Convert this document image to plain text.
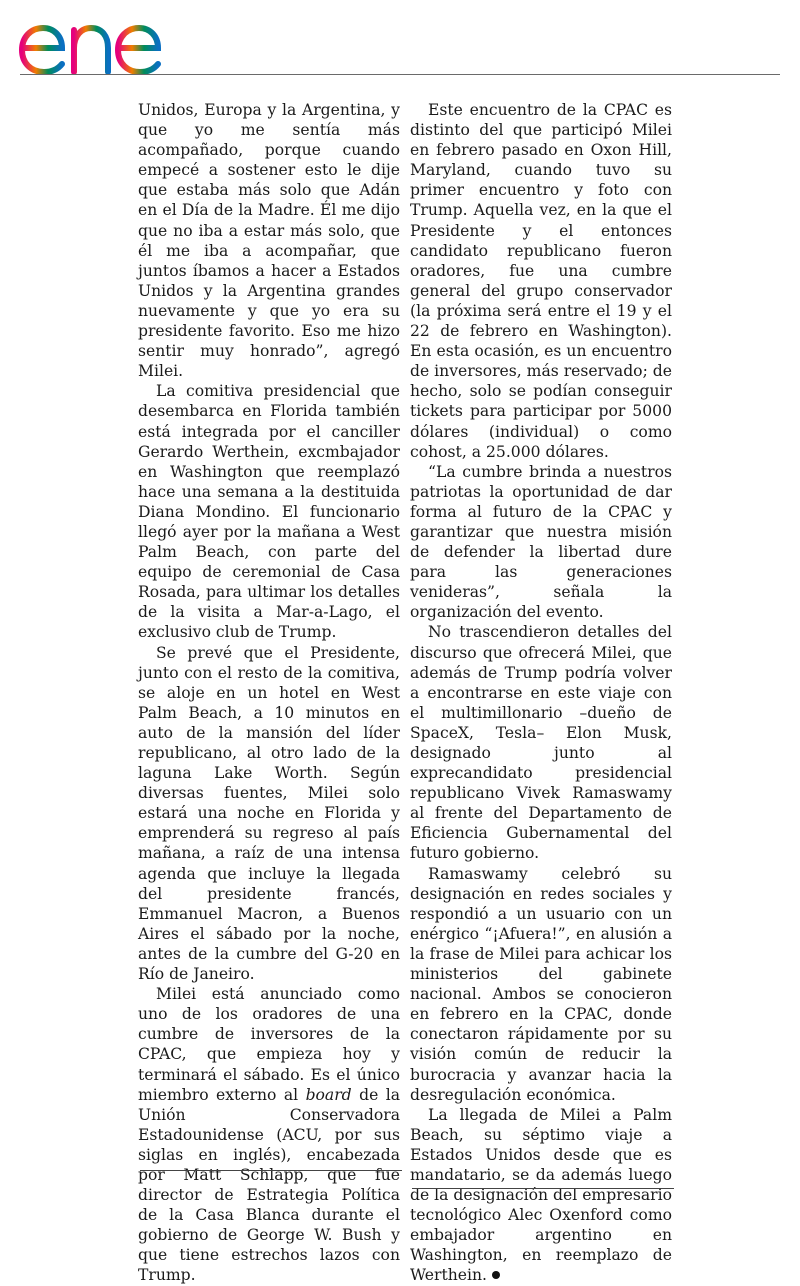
Unidos, Europa y la Argentina, y que yo me sentía más acompañado, porque cuando empecé a sostener esto le dije que estaba más solo que Adán en el Día de la Madre. Él me dijo que no iba a estar más solo, que él me iba a acompañar, que juntos íbamos a hacer a Estados Unidos y la Argentina grandes nuevamente y que yo era su presidente favorito. Eso me hizo sentir muy honrado”, agregó Milei.

La comitiva presidencial que desembarca en Florida también está integrada por el canciller Gerardo Werthein, excmbajador en Washington que reemplazó hace una semana a la destituida Diana Mondino. El funcionario llegó ayer por la mañana a West Palm Beach, con parte del equipo de ceremonial de Casa Rosada, para ultimar los detalles de la visita a Mar-a-Lago, el exclusivo club de Trump.

Se prevé que el Presidente, junto con el resto de la comitiva, se aloje en un hotel en West Palm Beach, a 10 minutos en auto de la mansión del líder republicano, al otro lado de la laguna Lake Worth. Según diversas fuentes, Milei solo estará una noche en Florida y emprenderá su regreso al país mañana, a raíz de una intensa agenda que incluye la llegada del presidente francés, Emmanuel Macron, a Buenos Aires el sábado por la noche, antes de la cumbre del G-20 en Río de Janeiro.

Milei está anunciado como uno de los oradores de una cumbre de inversores de la CPAC, que empieza hoy y terminará el sábado. Es el único miembro externo al board de la Unión Conservadora Estadounidense (ACU, por sus siglas en inglés), encabezada por Matt Schlapp, que fue director de Estrategia Política de la Casa Blanca durante el gobierno de George W. Bush y que tiene estrechos lazos con Trump.

Este encuentro de la CPAC es distinto del que participó Milei en febrero pasado en Oxon Hill, Maryland, cuando tuvo su primer encuentro y foto con Trump. Aquella vez, en la que el Presidente y el entonces candidato republicano fueron oradores, fue una cumbre general del grupo conservador (la próxima será entre el 19 y el 22 de febrero en Washington). En esta ocasión, es un encuentro de inversores, más reservado; de hecho, solo se podían conseguir tickets para participar por 5000 dólares (individual) o como cohost, a 25.000 dólares.

“La cumbre brinda a nuestros patriotas la oportunidad de dar forma al futuro de la CPAC y garantizar que nuestra misión de defender la libertad dure para las generaciones venideras”, señala la organización del evento.

No trascendieron detalles del discurso que ofrecerá Milei, que además de Trump podría volver a encontrarse en este viaje con el multimillonario –dueño de SpaceX, Tesla– Elon Musk, designado junto al exprecandidato presidencial republicano Vivek Ramaswamy al frente del Departamento de Eficiencia Gubernamental del futuro gobierno.

Ramaswamy celebró su designación en redes sociales y respondió a un usuario con un enérgico “¡Afuera!”, en alusión a la frase de Milei para achicar los ministerios del gabinete nacional. Ambos se conocieron en febrero en la CPAC, donde conectaron rápidamente por su visión común de reducir la burocracia y avanzar hacia la desregulación económica.

La llegada de Milei a Palm Beach, su séptimo viaje a Estados Unidos desde que es mandatario, se da además luego de la designación del empresario tecnológico Alec Oxenford como embajador argentino en Washington, en reemplazo de Werthein.
